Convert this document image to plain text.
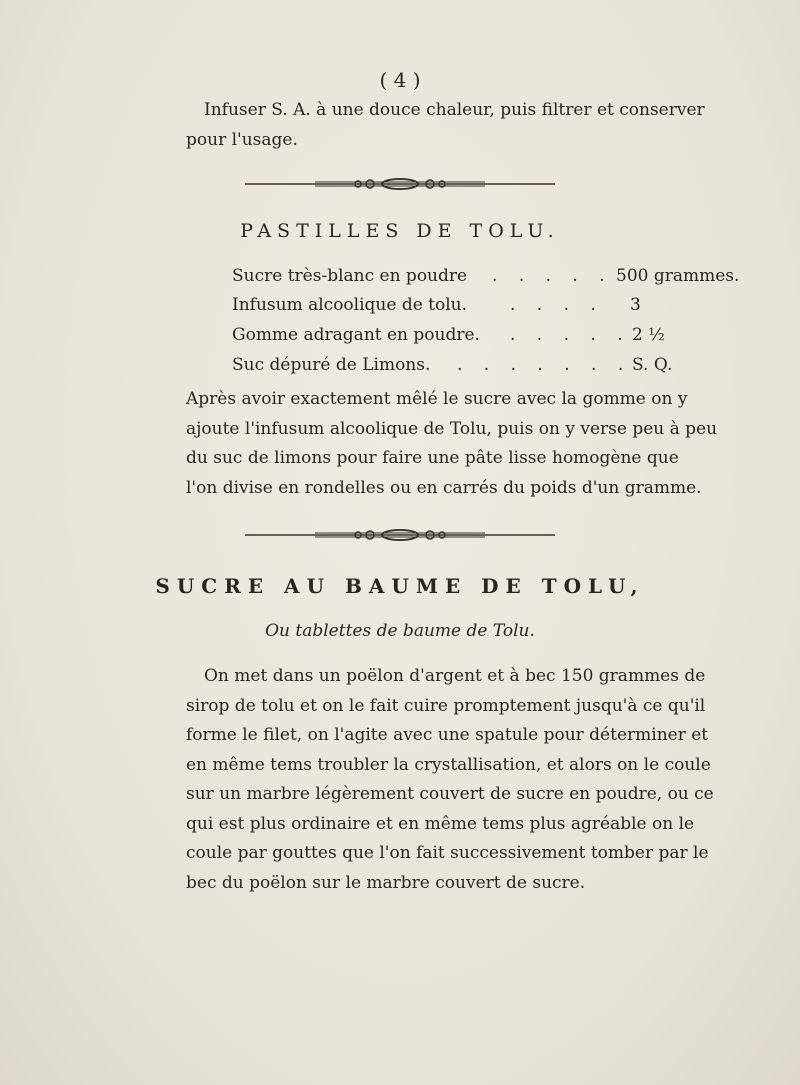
( 4 )
Infuser S. A. à une douce chaleur, puis filtrer et conserver
pour l'usage.
PASTILLES DE TOLU.
Sucre très-blanc en poudre . . . . . 500 grammes.
Infusum alcoolique de tolu.	. . . . 3
Gomme adragant en poudre. . . . . . 2 ½
Suc dépuré de Limons. . . . . . . . S. Q.
Après avoir exactement mêlé le sucre avec la gomme on y
ajoute l'infusum alcoolique de Tolu, puis on y verse peu à peu
du suc de limons pour faire une pâte lisse homogène que
l'on divise en rondelles ou en carrés du poids d'un gramme.
SUCRE AU BAUME DE TOLU,
Ou tablettes de baume de Tolu.
On met dans un poëlon d'argent et à bec 150 grammes de
sirop de tolu et on le fait cuire promptement jusqu'à ce qu'il
forme le filet, on l'agite avec une spatule pour déterminer et
en même tems troubler la crystallisation, et alors on le coule
sur un marbre légèrement couvert de sucre en poudre, ou ce
qui est plus ordinaire et en même tems plus agréable on le
coule par gouttes que l'on fait successivement tomber par le
bec du poëlon sur le marbre couvert de sucre.
